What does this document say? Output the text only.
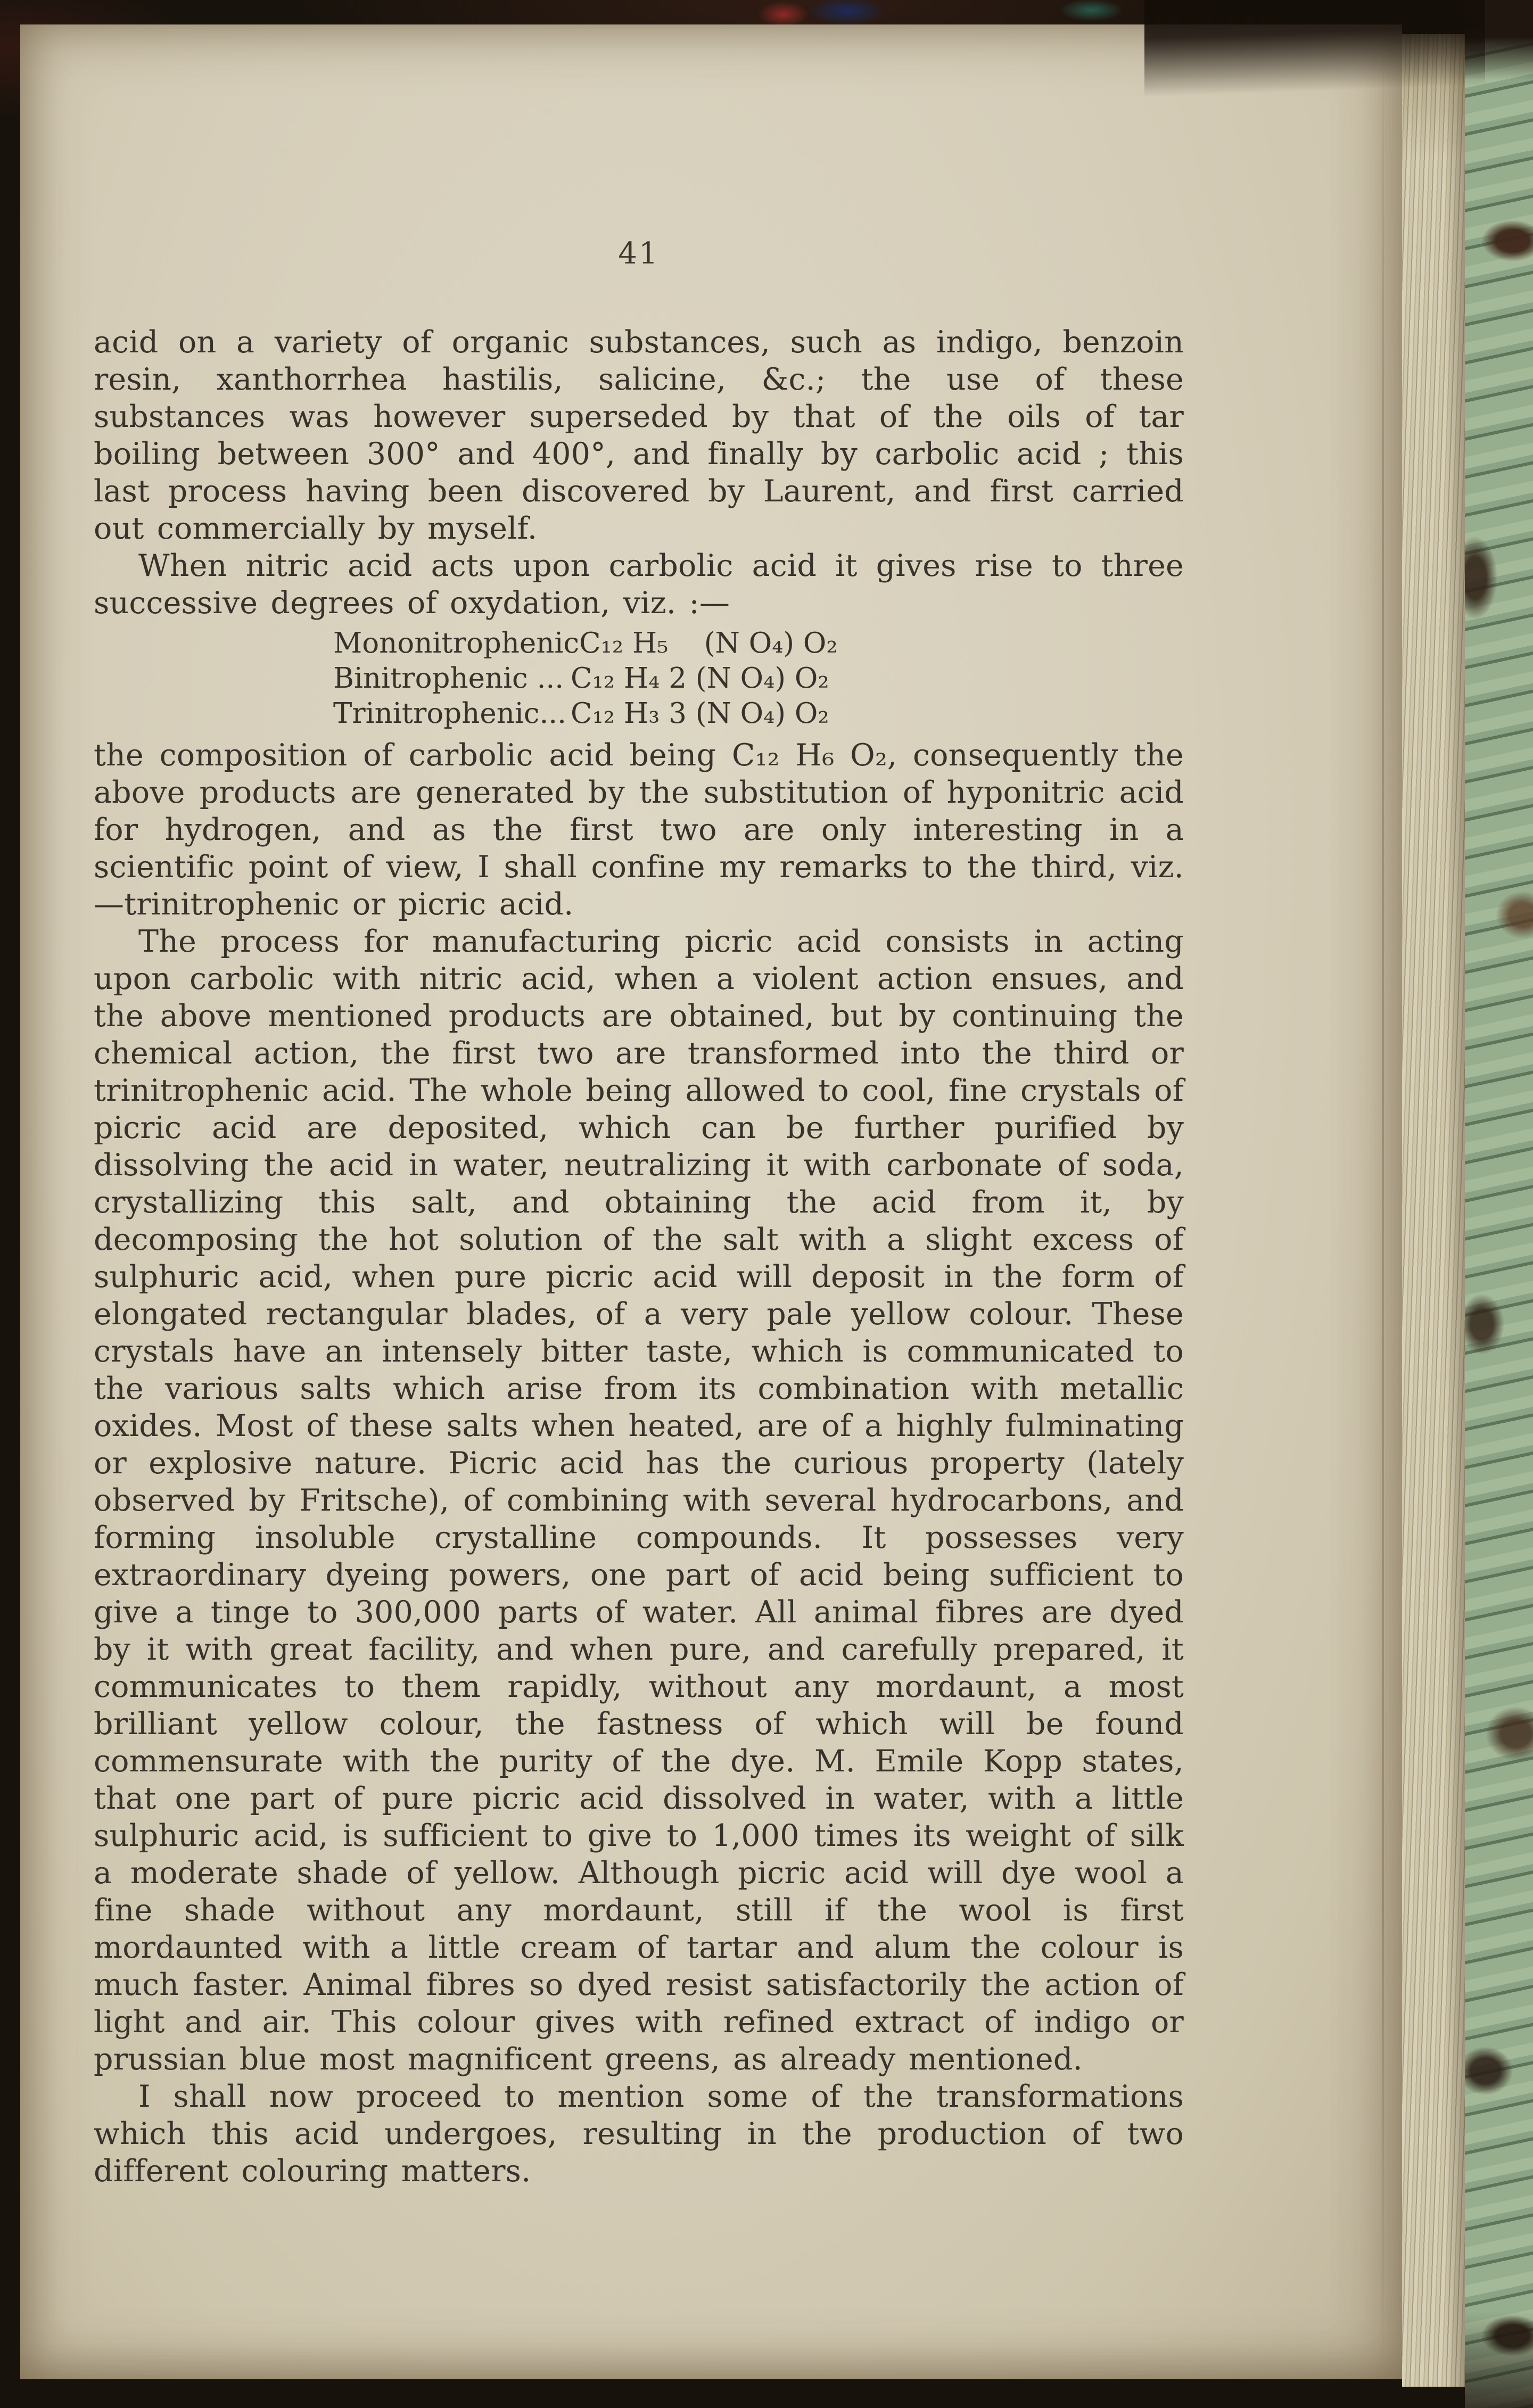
41

acid on a variety of organic substances, such as indigo, benzoin resin, xanthorrhea hastilis, salicine, &c.; the use of these substances was however superseded by that of the oils of tar boiling between 300° and 400°, and finally by carbolic acid ; this last process having been discovered by Laurent, and first carried out commercially by myself.

When nitric acid acts upon carbolic acid it gives rise to three successive degrees of oxydation, viz. :—

MononitrophenicC₁₂ H₅    (N O₄) O₂
Binitrophenic ... C₁₂ H₄ 2 (N O₄) O₂
Trinitrophenic... C₁₂ H₃ 3 (N O₄) O₂

the composition of carbolic acid being C₁₂ H₆ O₂, consequently the above products are generated by the substitution of hyponitric acid for hydrogen, and as the first two are only interesting in a scientific point of view, I shall confine my remarks to the third, viz.—trinitrophenic or picric acid.

The process for manufacturing picric acid consists in acting upon carbolic with nitric acid, when a violent action ensues, and the above mentioned products are obtained, but by continuing the chemical action, the first two are transformed into the third or trinitrophenic acid. The whole being allowed to cool, fine crystals of picric acid are deposited, which can be further purified by dissolving the acid in water, neutralizing it with carbonate of soda, crystallizing this salt, and obtaining the acid from it, by decomposing the hot solution of the salt with a slight excess of sulphuric acid, when pure picric acid will deposit in the form of elongated rectangular blades, of a very pale yellow colour. These crystals have an intensely bitter taste, which is communicated to the various salts which arise from its combination with metallic oxides. Most of these salts when heated, are of a highly fulminating or explosive nature. Picric acid has the curious property (lately observed by Fritsche), of combining with several hydrocarbons, and forming insoluble crystalline compounds. It possesses very extraordinary dyeing powers, one part of acid being sufficient to give a tinge to 300,000 parts of water. All animal fibres are dyed by it with great facility, and when pure, and carefully prepared, it communicates to them rapidly, without any mordaunt, a most brilliant yellow colour, the fastness of which will be found commensurate with the purity of the dye. M. Emile Kopp states, that one part of pure picric acid dissolved in water, with a little sulphuric acid, is sufficient to give to 1,000 times its weight of silk a moderate shade of yellow. Although picric acid will dye wool a fine shade without any mordaunt, still if the wool is first mordaunted with a little cream of tartar and alum the colour is much faster. Animal fibres so dyed resist satisfactorily the action of light and air. This colour gives with refined extract of indigo or prussian blue most magnificent greens, as already mentioned.

I shall now proceed to mention some of the transformations which this acid undergoes, resulting in the production of two different colouring matters.
